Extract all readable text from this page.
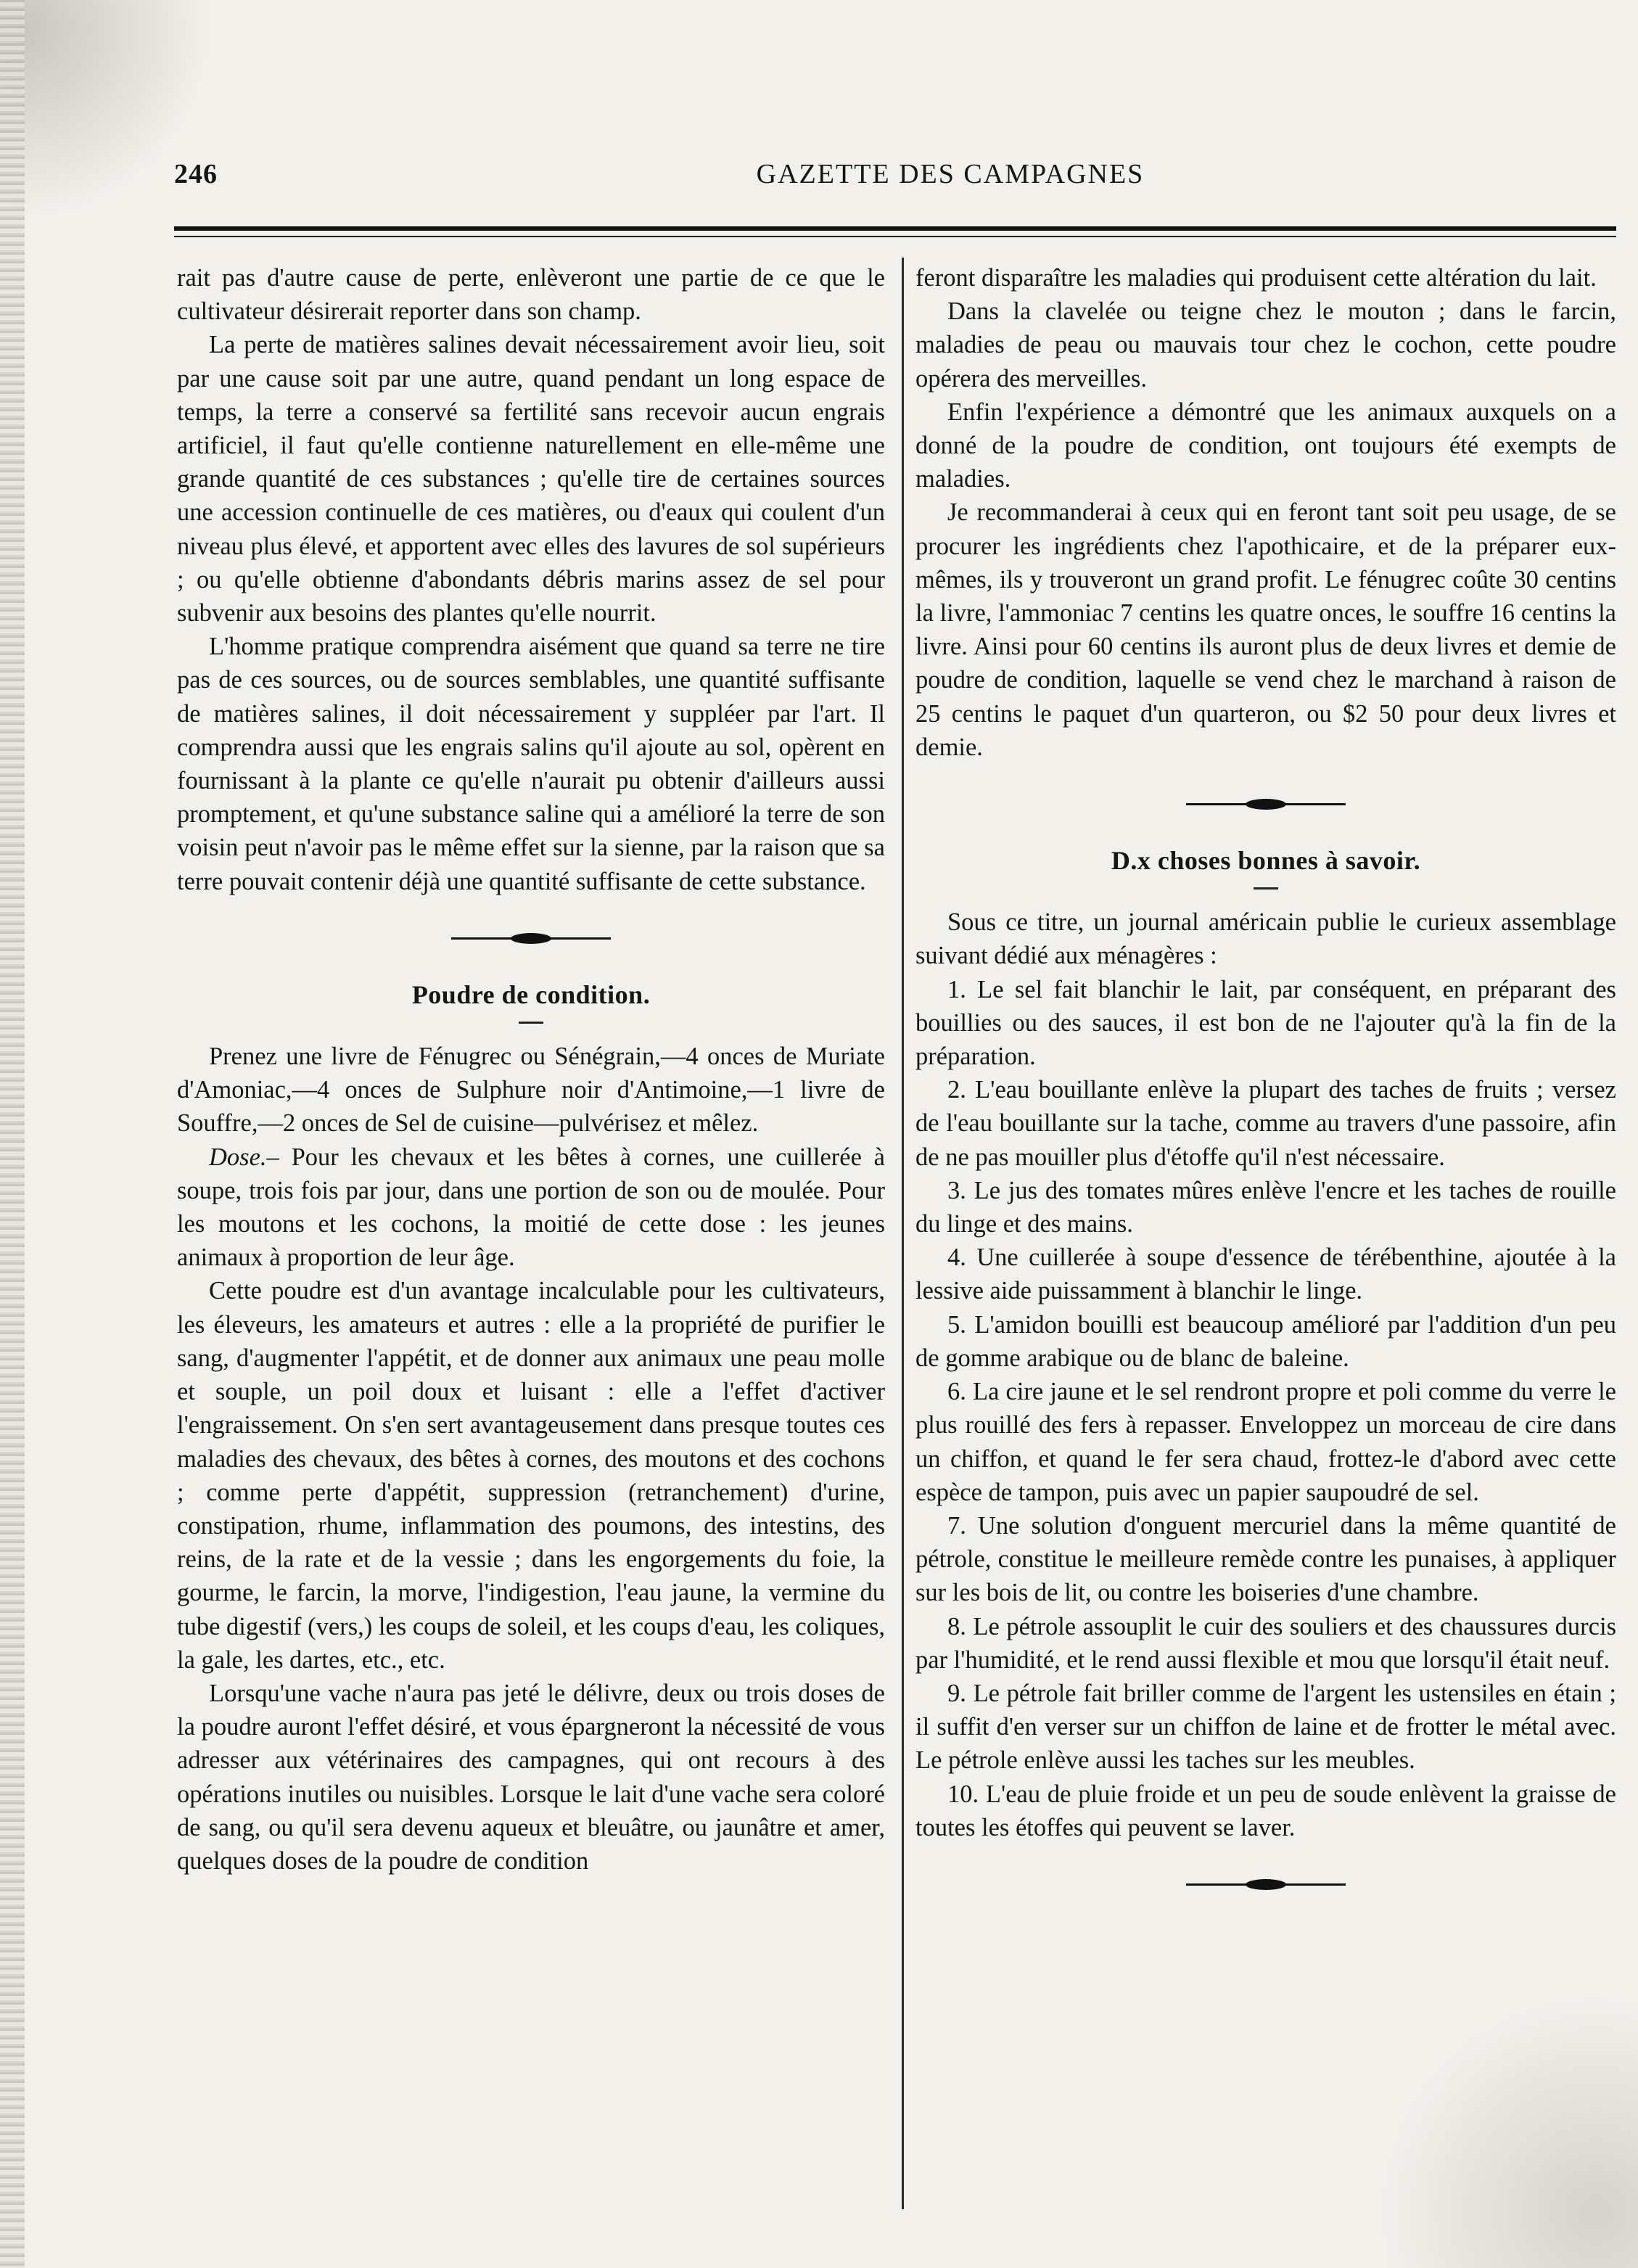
246	GAZETTE DES CAMPAGNES

rait pas d'autre cause de perte, enlèveront une partie de ce que le cultivateur désirerait reporter dans son champ.

La perte de matières salines devait nécessairement avoir lieu, soit par une cause soit par une autre, quand pendant un long espace de temps, la terre a conservé sa fertilité sans recevoir aucun engrais artificiel, il faut qu'elle contienne naturellement en elle-même une grande quantité de ces substances ; qu'elle tire de certaines sources une accession continuelle de ces matières, ou d'eaux qui coulent d'un niveau plus élevé, et apportent avec elles des lavures de sol supérieurs ; ou qu'elle obtienne d'abondants débris marins assez de sel pour subvenir aux besoins des plantes qu'elle nourrit.

L'homme pratique comprendra aisément que quand sa terre ne tire pas de ces sources, ou de sources semblables, une quantité suffisante de matières salines, il doit nécessairement y suppléer par l'art. Il comprendra aussi que les engrais salins qu'il ajoute au sol, opèrent en fournissant à la plante ce qu'elle n'aurait pu obtenir d'ailleurs aussi promptement, et qu'une substance saline qui a amélioré la terre de son voisin peut n'avoir pas le même effet sur la sienne, par la raison que sa terre pouvait contenir déjà une quantité suffisante de cette substance.

Poudre de condition.

Prenez une livre de Fénugrec ou Sénégrain,—4 onces de Muriate d'Amoniac,—4 onces de Sulphure noir d'Antimoine,—1 livre de Souffre,—2 onces de Sel de cuisine—pulvérisez et mêlez.

Dose.– Pour les chevaux et les bêtes à cornes, une cuillerée à soupe, trois fois par jour, dans une portion de son ou de moulée. Pour les moutons et les cochons, la moitié de cette dose : les jeunes animaux à proportion de leur âge.

Cette poudre est d'un avantage incalculable pour les cultivateurs, les éleveurs, les amateurs et autres : elle a la propriété de purifier le sang, d'augmenter l'appétit, et de donner aux animaux une peau molle et souple, un poil doux et luisant : elle a l'effet d'activer l'engraissement. On s'en sert avantageusement dans presque toutes ces maladies des chevaux, des bêtes à cornes, des moutons et des cochons ; comme perte d'appétit, suppression (retranchement) d'urine, constipation, rhume, inflammation des poumons, des intestins, des reins, de la rate et de la vessie ; dans les engorgements du foie, la gourme, le farcin, la morve, l'indigestion, l'eau jaune, la vermine du tube digestif (vers,) les coups de soleil, et les coups d'eau, les coliques, la gale, les dartes, etc., etc.

Lorsqu'une vache n'aura pas jeté le délivre, deux ou trois doses de la poudre auront l'effet désiré, et vous épargneront la nécessité de vous adresser aux vétérinaires des campagnes, qui ont recours à des opérations inutiles ou nuisibles. Lorsque le lait d'une vache sera coloré de sang, ou qu'il sera devenu aqueux et bleuâtre, ou jaunâtre et amer, quelques doses de la poudre de condition

feront disparaître les maladies qui produisent cette altération du lait.

Dans la clavelée ou teigne chez le mouton ; dans le farcin, maladies de peau ou mauvais tour chez le cochon, cette poudre opérera des merveilles.

Enfin l'expérience a démontré que les animaux auxquels on a donné de la poudre de condition, ont toujours été exempts de maladies.

Je recommanderai à ceux qui en feront tant soit peu usage, de se procurer les ingrédients chez l'apothicaire, et de la préparer eux-mêmes, ils y trouveront un grand profit. Le fénugrec coûte 30 centins la livre, l'ammoniac 7 centins les quatre onces, le souffre 16 centins la livre. Ainsi pour 60 centins ils auront plus de deux livres et demie de poudre de condition, laquelle se vend chez le marchand à raison de 25 centins le paquet d'un quarteron, ou $2 50 pour deux livres et demie.

D.x choses bonnes à savoir.

Sous ce titre, un journal américain publie le curieux assemblage suivant dédié aux ménagères :

1. Le sel fait blanchir le lait, par conséquent, en préparant des bouillies ou des sauces, il est bon de ne l'ajouter qu'à la fin de la préparation.

2. L'eau bouillante enlève la plupart des taches de fruits ; versez de l'eau bouillante sur la tache, comme au travers d'une passoire, afin de ne pas mouiller plus d'étoffe qu'il n'est nécessaire.

3. Le jus des tomates mûres enlève l'encre et les taches de rouille du linge et des mains.

4. Une cuillerée à soupe d'essence de térébenthine, ajoutée à la lessive aide puissamment à blanchir le linge.

5. L'amidon bouilli est beaucoup amélioré par l'addition d'un peu de gomme arabique ou de blanc de baleine.

6. La cire jaune et le sel rendront propre et poli comme du verre le plus rouillé des fers à repasser. Enveloppez un morceau de cire dans un chiffon, et quand le fer sera chaud, frottez-le d'abord avec cette espèce de tampon, puis avec un papier saupoudré de sel.

7. Une solution d'onguent mercuriel dans la même quantité de pétrole, constitue le meilleure remède contre les punaises, à appliquer sur les bois de lit, ou contre les boiseries d'une chambre.

8. Le pétrole assouplit le cuir des souliers et des chaussures durcis par l'humidité, et le rend aussi flexible et mou que lorsqu'il était neuf.

9. Le pétrole fait briller comme de l'argent les ustensiles en étain ; il suffit d'en verser sur un chiffon de laine et de frotter le métal avec. Le pétrole enlève aussi les taches sur les meubles.

10. L'eau de pluie froide et un peu de soude enlèvent la graisse de toutes les étoffes qui peuvent se laver.
